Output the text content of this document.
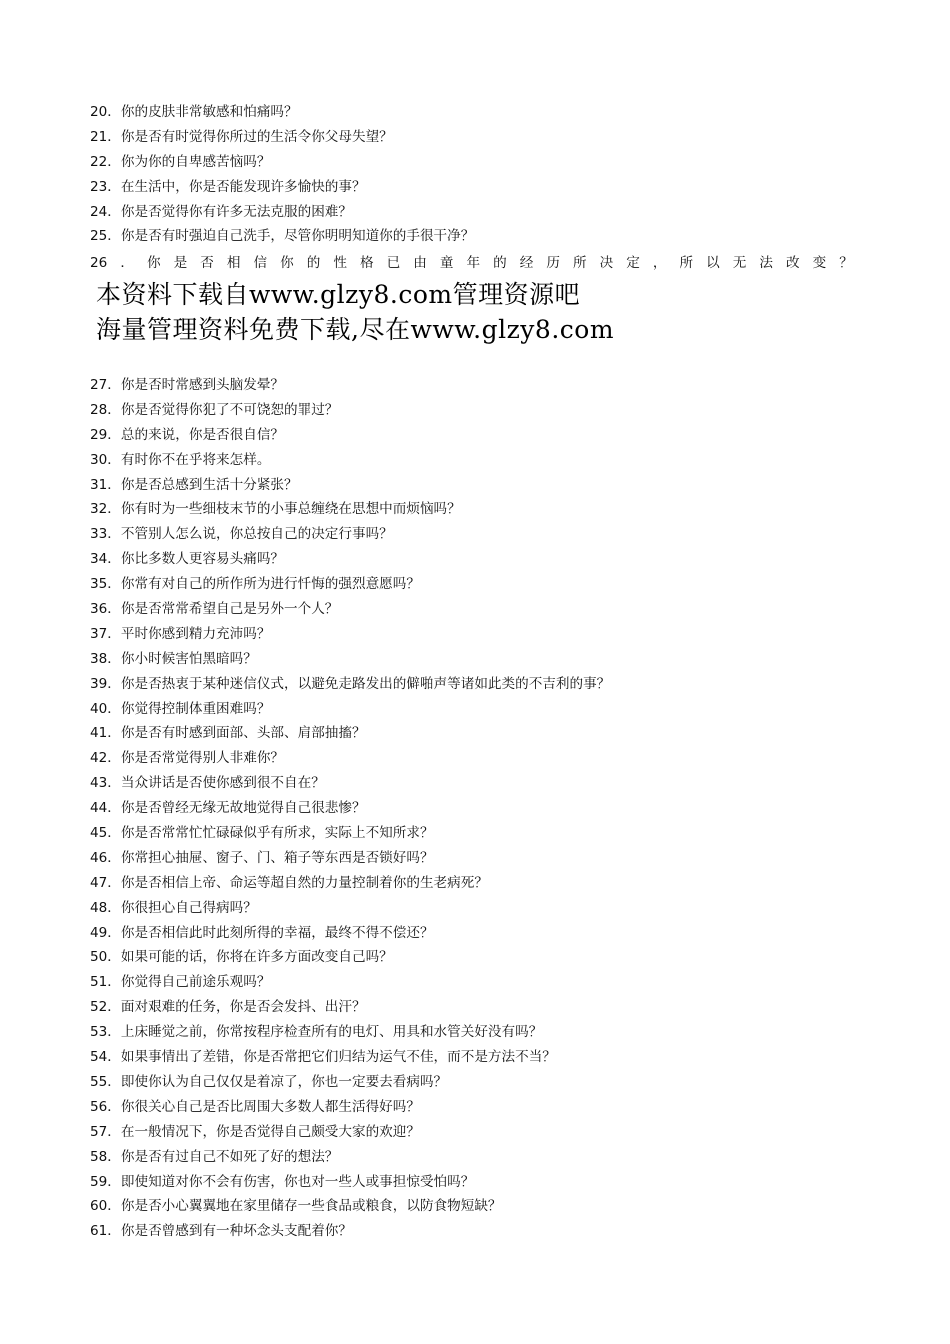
20．你的皮肤非常敏感和怕痛吗？
21．你是否有时觉得你所过的生活令你父母失望？
22．你为你的自卑感苦恼吗？
23．在生活中，你是否能发现许多愉快的事？
24．你是否觉得你有许多无法克服的困难？
25．你是否有时强迫自己洗手，尽管你明明知道你的手很干净？
26 ． 你 是 否 相 信 你 的 性 格 已 由 童 年 的 经 历 所 决 定 ， 所 以 无 法 改 变 ？
本资料下载自www.glzy8.com管理资源吧
海量管理资料免费下载,尽在www.glzy8.com
27．你是否时常感到头脑发晕？
28．你是否觉得你犯了不可饶恕的罪过？
29．总的来说，你是否很自信？
30．有时你不在乎将来怎样。
31．你是否总感到生活十分紧张？
32．你有时为一些细枝末节的小事总缠绕在思想中而烦恼吗？
33．不管别人怎么说，你总按自己的决定行事吗？
34．你比多数人更容易头痛吗？
35．你常有对自己的所作所为进行忏悔的强烈意愿吗？
36．你是否常常希望自己是另外一个人？
37．平时你感到精力充沛吗？
38．你小时候害怕黑暗吗？
39．你是否热衷于某种迷信仪式，以避免走路发出的僻啪声等诸如此类的不吉利的事？
40．你觉得控制体重困难吗？
41．你是否有时感到面部、头部、肩部抽搐？
42．你是否常觉得别人非难你？
43．当众讲话是否使你感到很不自在？
44．你是否曾经无缘无故地觉得自己很悲惨？
45．你是否常常忙忙碌碌似乎有所求，实际上不知所求？
46．你常担心抽屉、窗子、门、箱子等东西是否锁好吗？
47．你是否相信上帝、命运等超自然的力量控制着你的生老病死？
48．你很担心自己得病吗？
49．你是否相信此时此刻所得的幸福，最终不得不偿还？
50．如果可能的话，你将在许多方面改变自己吗？
51．你觉得自己前途乐观吗？
52．面对艰难的任务，你是否会发抖、出汗？
53．上床睡觉之前，你常按程序检查所有的电灯、用具和水管关好没有吗？
54．如果事情出了差错，你是否常把它们归结为运气不佳，而不是方法不当？
55．即使你认为自己仅仅是着凉了，你也一定要去看病吗？
56．你很关心自己是否比周围大多数人都生活得好吗？
57．在一般情况下，你是否觉得自己颇受大家的欢迎？
58．你是否有过自己不如死了好的想法？
59．即使知道对你不会有伤害，你也对一些人或事担惊受怕吗？
60．你是否小心翼翼地在家里储存一些食品或粮食，以防食物短缺？
61．你是否曾感到有一种坏念头支配着你？
